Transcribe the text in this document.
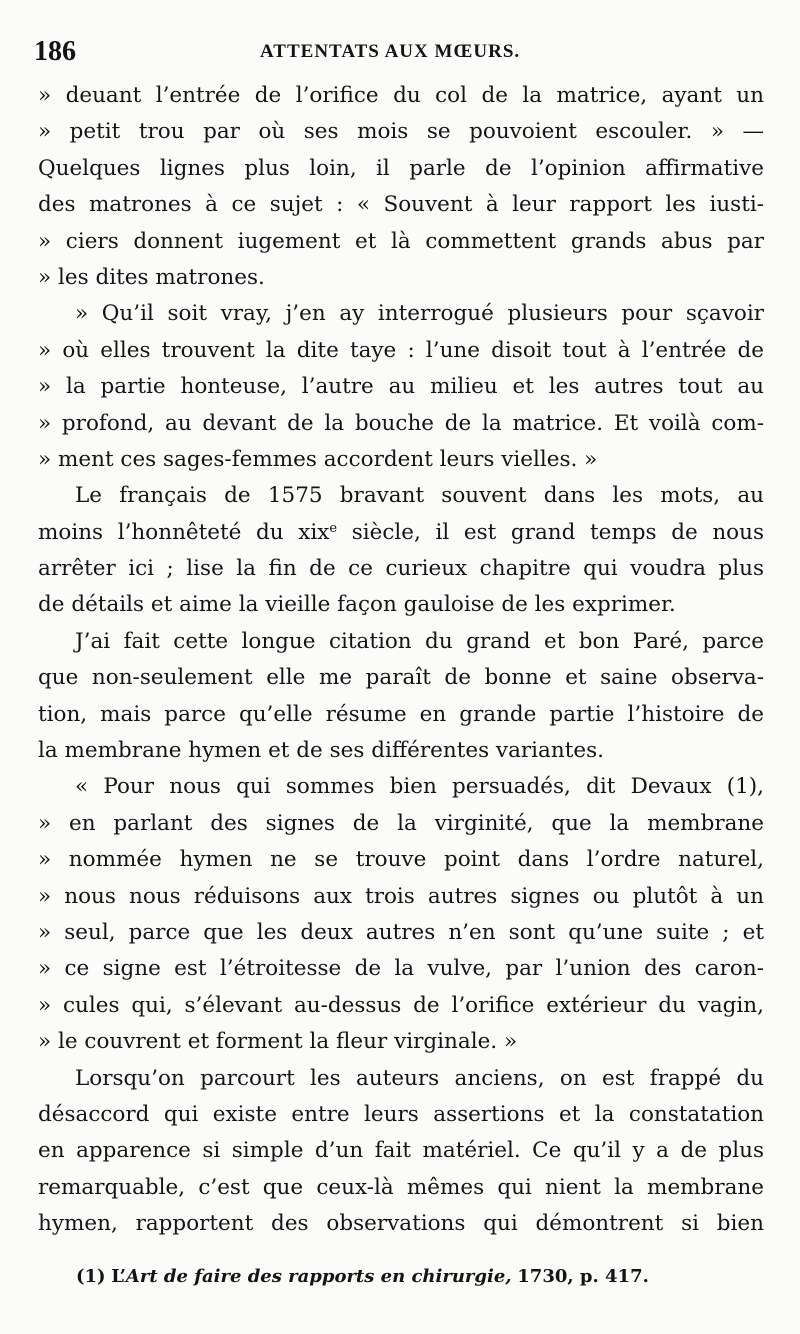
186	ATTENTATS AUX MŒURS.
» deuant l’entrée de l’orifice du col de la matrice, ayant un
» petit trou par où ses mois se pouvoient escouler. » —
Quelques lignes plus loin, il parle de l’opinion affirmative
des matrones à ce sujet : « Souvent à leur rapport les iusti-
» ciers donnent iugement et là commettent grands abus par
» les dites matrones.
» Qu’il soit vray, j’en ay interrogué plusieurs pour sçavoir
» où elles trouvent la dite taye : l’une disoit tout à l’entrée de
» la partie honteuse, l’autre au milieu et les autres tout au
» profond, au devant de la bouche de la matrice. Et voilà com-
» ment ces sages-femmes accordent leurs vielles. »
Le français de 1575 bravant souvent dans les mots, au
moins l’honnêteté du xix$^e$ siècle, il est grand temps de nous
arrêter ici ; lise la fin de ce curieux chapitre qui voudra plus
de détails et aime la vieille façon gauloise de les exprimer.
J’ai fait cette longue citation du grand et bon Paré, parce
que non-seulement elle me paraît de bonne et saine observa-
tion, mais parce qu’elle résume en grande partie l’histoire de
la membrane hymen et de ses différentes variantes.
« Pour nous qui sommes bien persuadés, dit Devaux (1),
» en parlant des signes de la virginité, que la membrane
» nommée hymen ne se trouve point dans l’ordre naturel,
» nous nous réduisons aux trois autres signes ou plutôt à un
» seul, parce que les deux autres n’en sont qu’une suite ; et
» ce signe est l’étroitesse de la vulve, par l’union des caron-
» cules qui, s’élevant au-dessus de l’orifice extérieur du vagin,
» le couvrent et forment la fleur virginale. »
Lorsqu’on parcourt les auteurs anciens, on est frappé du
désaccord qui existe entre leurs assertions et la constatation
en apparence si simple d’un fait matériel. Ce qu’il y a de plus
remarquable, c’est que ceux-là mêmes qui nient la membrane
hymen, rapportent des observations qui démontrent si bien
(1) L’Art de faire des rapports en chirurgie, 1730, p. 417.
